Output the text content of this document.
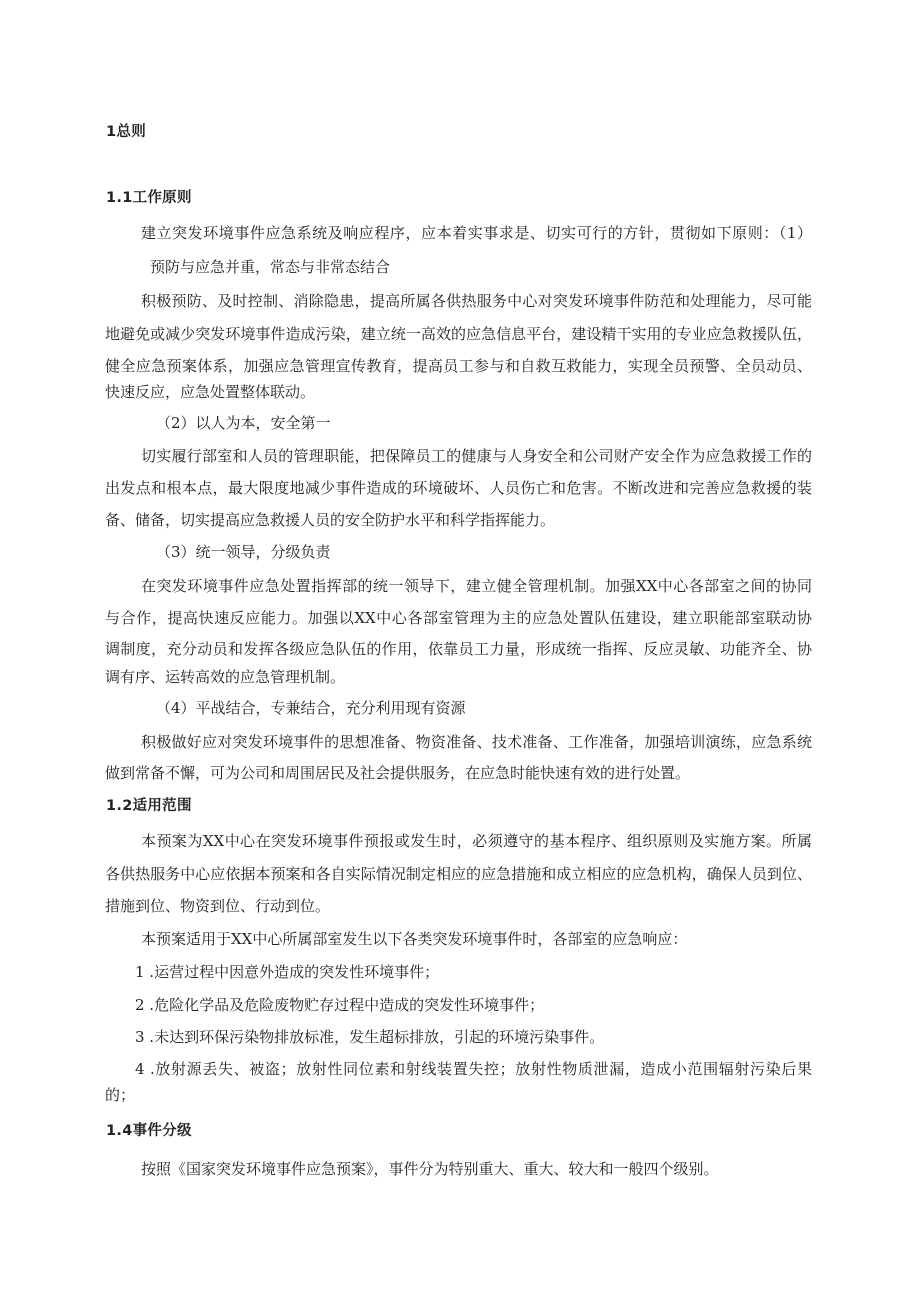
1总则
1.1工作原则
建立突发环境事件应急系统及响应程序，应本着实事求是、切实可行的方针，贯彻如下原则：（1）
预防与应急并重，常态与非常态结合
积极预防、及时控制、消除隐患，提高所属各供热服务中心对突发环境事件防范和处理能力，尽可能
地避免或减少突发环境事件造成污染，建立统一高效的应急信息平台，建设精干实用的专业应急救援队伍，
健全应急预案体系，加强应急管理宣传教育，提高员工参与和自救互救能力，实现全员预警、全员动员、
快速反应，应急处置整体联动。
（2）以人为本，安全第一
切实履行部室和人员的管理职能，把保障员工的健康与人身安全和公司财产安全作为应急救援工作的
出发点和根本点，最大限度地减少事件造成的环境破坏、人员伤亡和危害。不断改进和完善应急救援的装
备、储备，切实提高应急救援人员的安全防护水平和科学指挥能力。
（3）统一领导，分级负责
在突发环境事件应急处置指挥部的统一领导下，建立健全管理机制。加强XX中心各部室之间的协同
与合作，提高快速反应能力。加强以XX中心各部室管理为主的应急处置队伍建设，建立职能部室联动协
调制度，充分动员和发挥各级应急队伍的作用，依靠员工力量，形成统一指挥、反应灵敏、功能齐全、协
调有序、运转高效的应急管理机制。
（4）平战结合，专兼结合，充分利用现有资源
积极做好应对突发环境事件的思想准备、物资准备、技术准备、工作准备，加强培训演练，应急系统
做到常备不懈，可为公司和周围居民及社会提供服务，在应急时能快速有效的进行处置。
1.2适用范围
本预案为XX中心在突发环境事件预报或发生时，必须遵守的基本程序、组织原则及实施方案。所属
各供热服务中心应依据本预案和各自实际情况制定相应的应急措施和成立相应的应急机构，确保人员到位、
措施到位、物资到位、行动到位。
本预案适用于XX中心所属部室发生以下各类突发环境事件时，各部室的应急响应：
1 .运营过程中因意外造成的突发性环境事件；
2 .危险化学品及危险废物贮存过程中造成的突发性环境事件；
3 .未达到环保污染物排放标准，发生超标排放，引起的环境污染事件。
4 .放射源丢失、被盗；放射性同位素和射线装置失控；放射性物质泄漏，造成小范围辐射污染后果
的；
1.4事件分级
按照《国家突发环境事件应急预案》，事件分为特别重大、重大、较大和一般四个级别。
